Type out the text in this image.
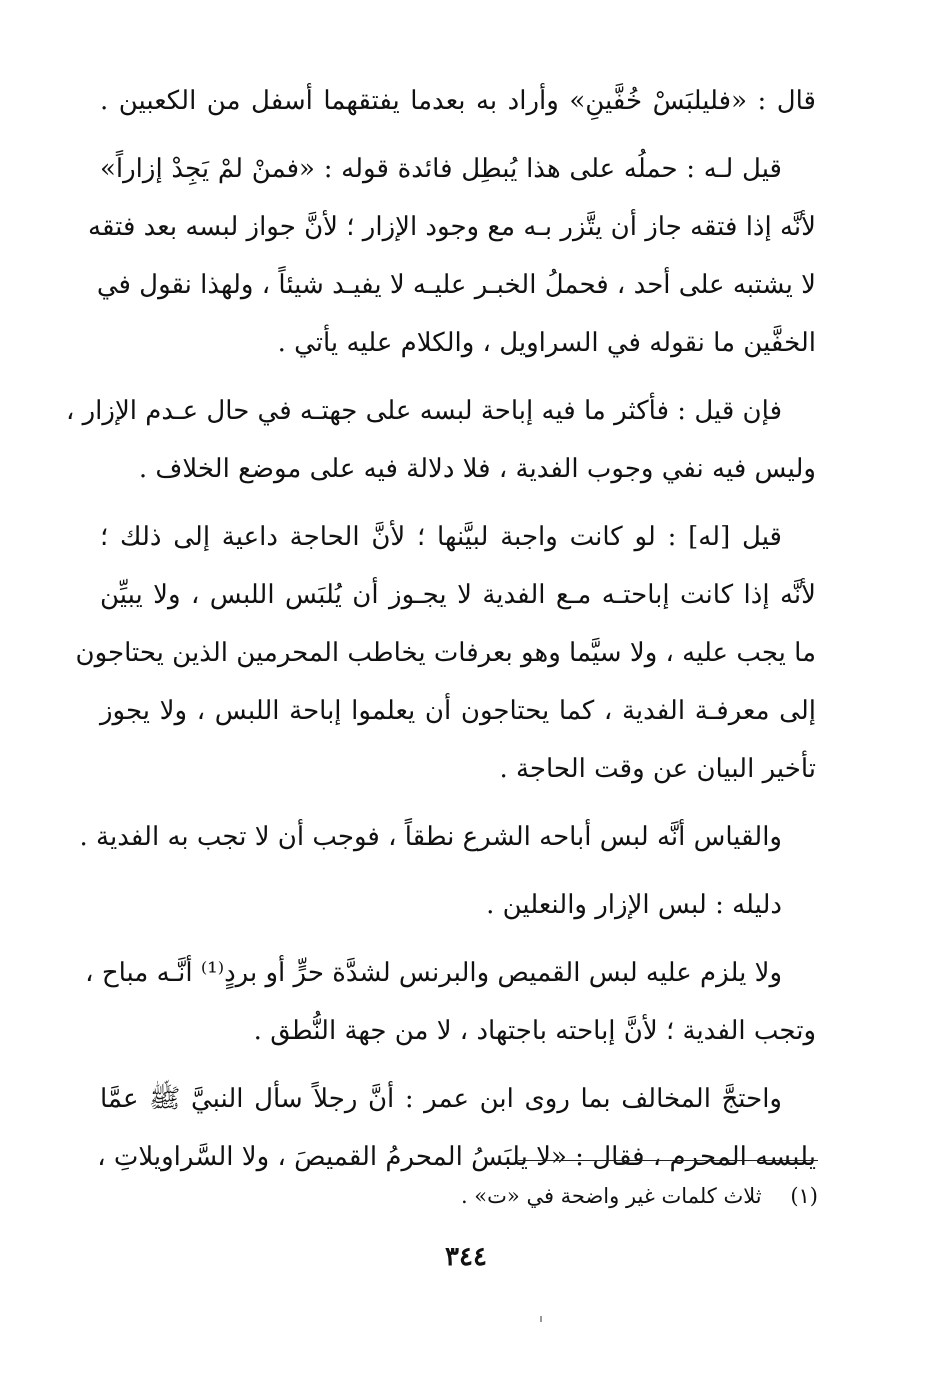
قال : «فليلبَسْ خُفَّينِ» وأراد به بعدما يفتقهما أسفل من الكعبين .
قيل لـه : حملُه على هذا يُبطِل فائدة قوله : «فمنْ لمْ يَجِدْ إزاراً»
لأنَّه إذا فتقه جاز أن يتَّزر بـه مع وجود الإزار ؛ لأنَّ جواز لبسه بعد فتقه
لا يشتبه على أحد ، فحملُ الخبـر عليـه لا يفيـد شيئاً ، ولهذا نقول في
الخفَّين ما نقوله في السراويل ، والكلام عليه يأتي .
فإن قيل : فأكثر ما فيه إباحة لبسه على جهتـه في حال عـدم الإزار ،
وليس فيه نفي وجوب الفدية ، فلا دلالة فيه على موضع الخلاف .
قيل [له] : لو كانت واجبة لبيَّنها ؛ لأنَّ الحاجة داعية إلى ذلك ؛
لأنَّه إذا كانت إباحتـه مـع الفدية لا يجـوز أن يُلبَس اللبس ، ولا يبيِّن
ما يجب عليه ، ولا سيَّما وهو بعرفات يخاطب المحرمين الذين يحتاجون
إلى معرفـة الفدية ، كما يحتاجون أن يعلموا إباحة اللبس ، ولا يجوز
تأخير البيان عن وقت الحاجة .
والقياس أنَّه لبس أباحه الشرع نطقاً ، فوجب أن لا تجب به الفدية .
دليله : لبس الإزار والنعلين .
ولا يلزم عليه لبس القميص والبرنس لشدَّة حرٍّ أو بردٍ⁽¹⁾ أنَّـه مباح ،
وتجب الفدية ؛ لأنَّ إباحته باجتهاد ، لا من جهة النُّطق .
واحتجَّ المخالف بما روى ابن عمر : أنَّ رجلاً سأل النبيَّ ﷺ عمَّا
يلبسه المحرم ، فقال : «لا يلبَسُ المحرمُ القميصَ ، ولا السَّراويلاتِ ،
(١) ثلاث كلمات غير واضحة في «ت» .
٣٤٤
